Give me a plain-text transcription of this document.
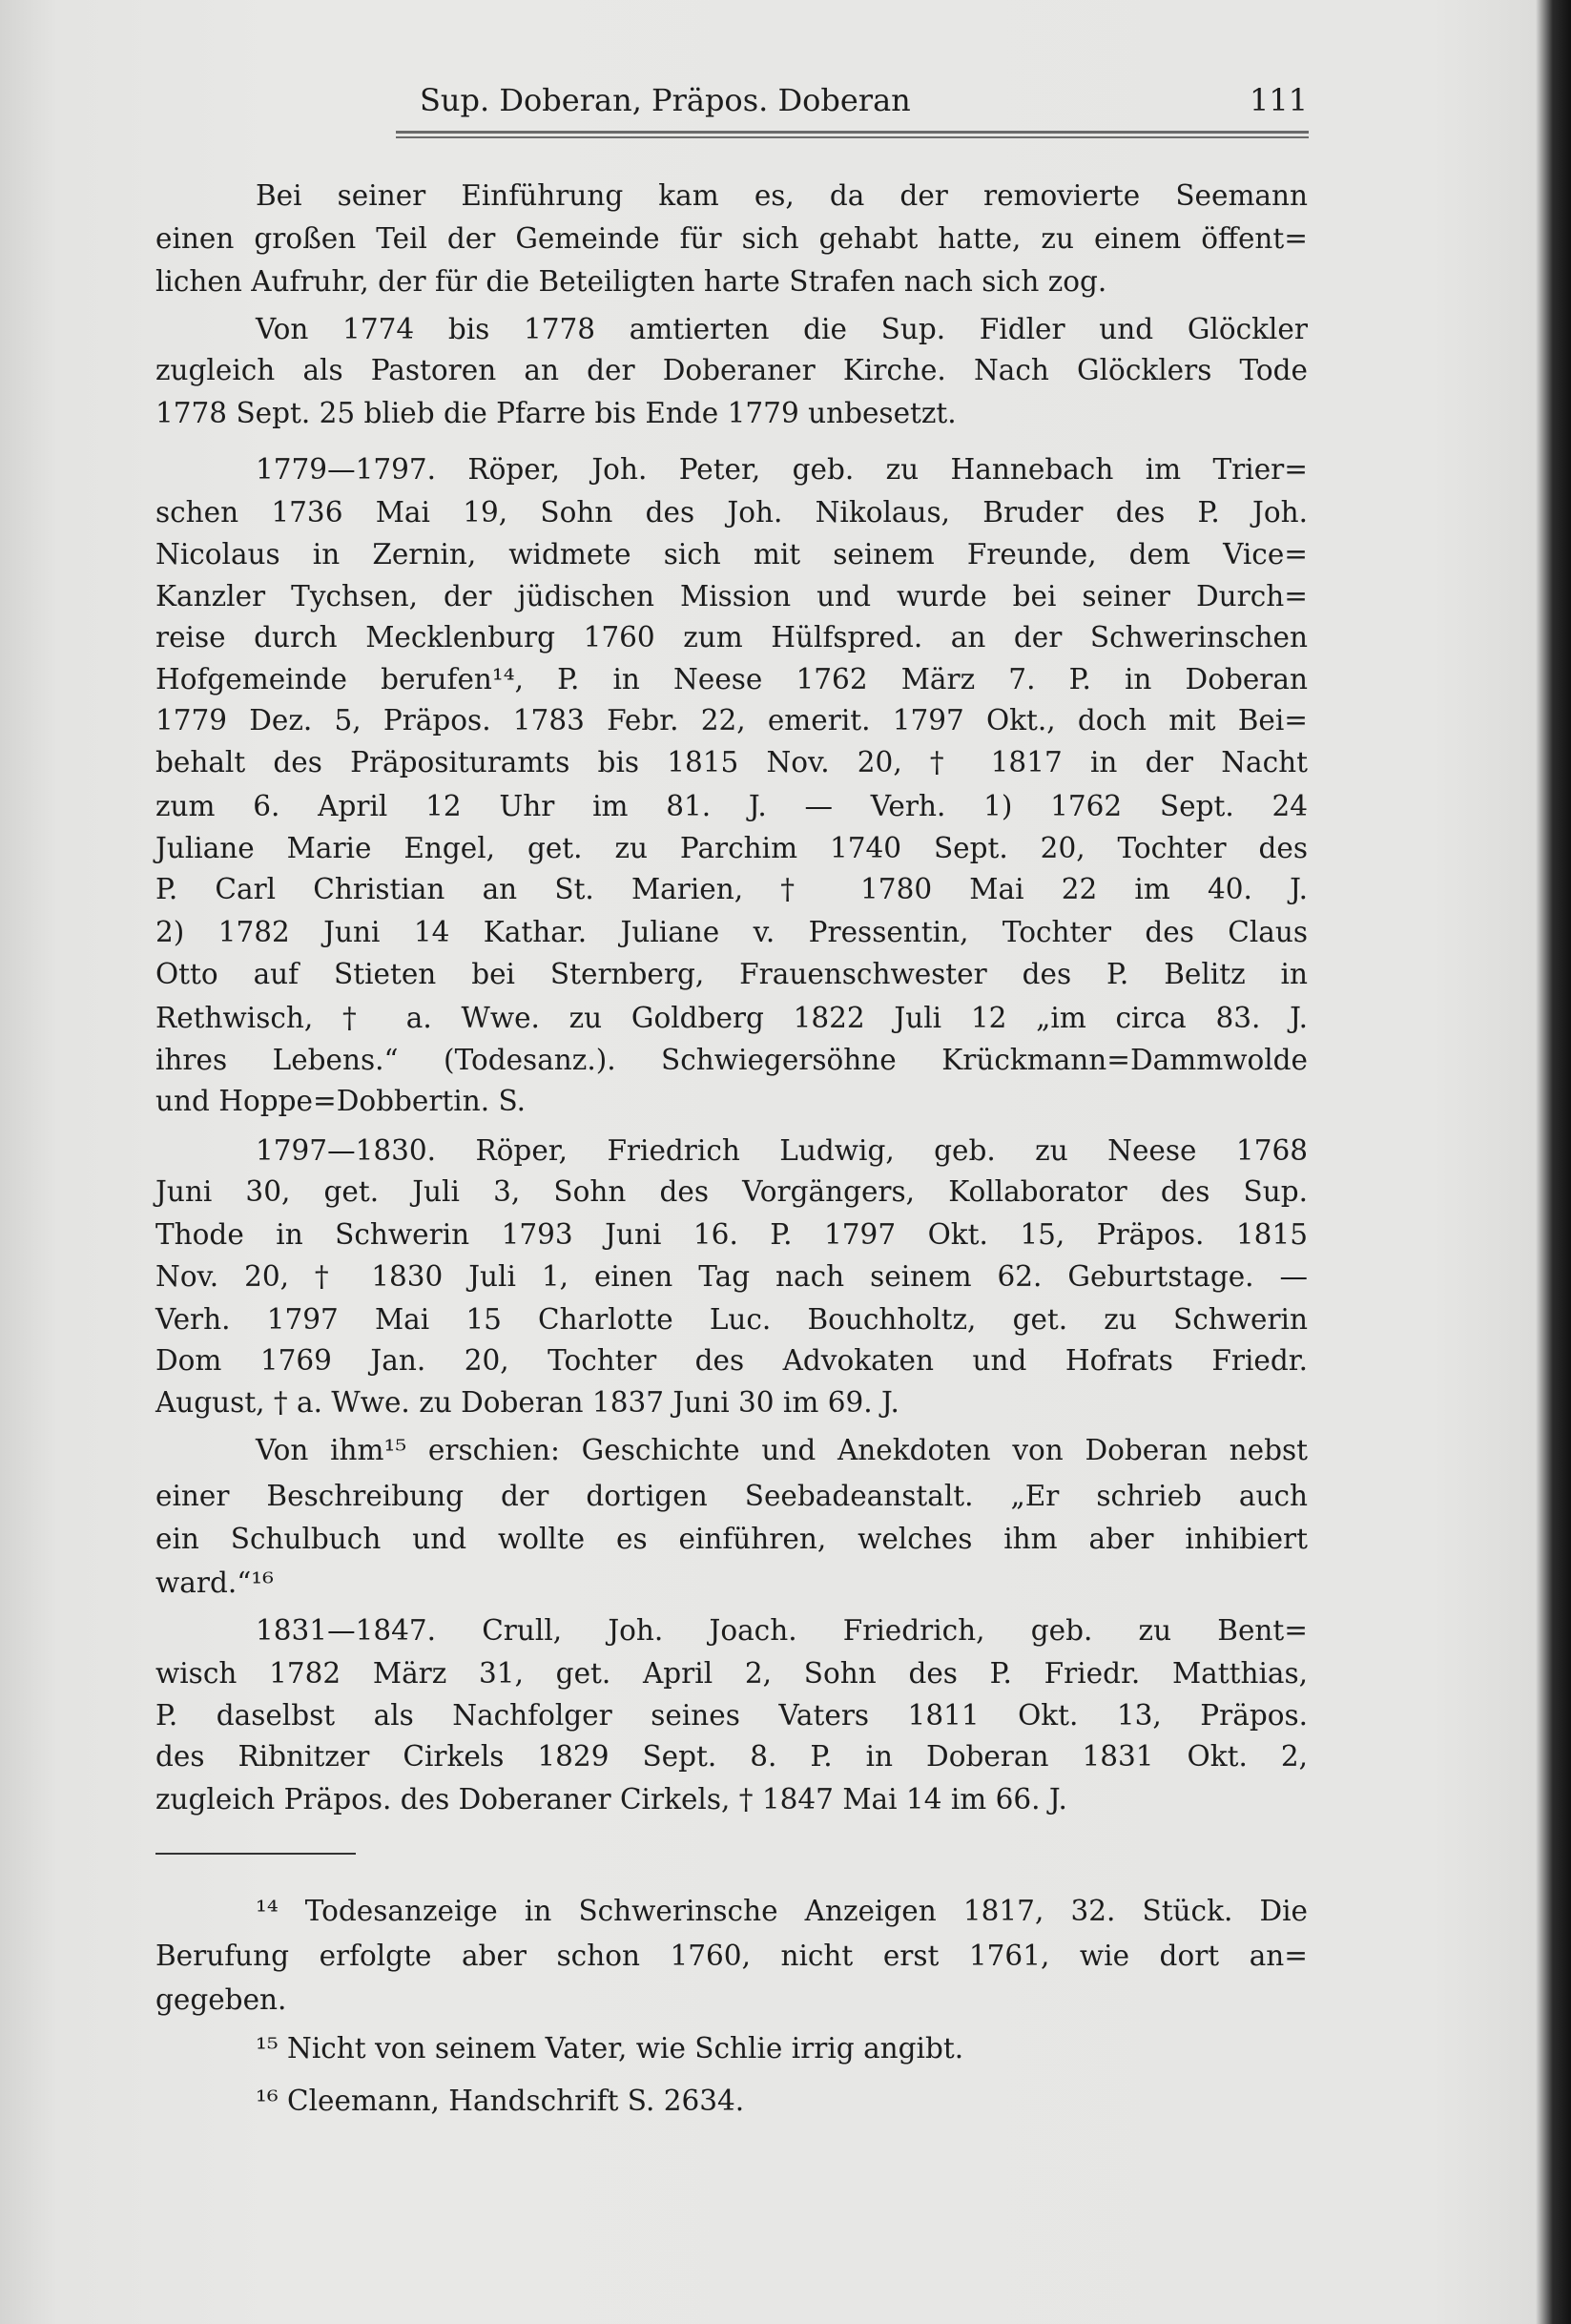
Sup. Doberan, Präpos. Doberan	111
Bei seiner Einführung kam es, da der removierte Seemann
einen großen Teil der Gemeinde für sich gehabt hatte, zu einem öffent=
lichen Aufruhr, der für die Beteiligten harte Strafen nach sich zog.
Von 1774 bis 1778 amtierten die Sup. Fidler und Glöckler
zugleich als Pastoren an der Doberaner Kirche. Nach Glöcklers Tode
1778 Sept. 25 blieb die Pfarre bis Ende 1779 unbesetzt.
1779—1797. Röper, Joh. Peter, geb. zu Hannebach im Trier=
schen 1736 Mai 19, Sohn des Joh. Nikolaus, Bruder des P. Joh.
Nicolaus in Zernin, widmete sich mit seinem Freunde, dem Vice=
Kanzler Tychsen, der jüdischen Mission und wurde bei seiner Durch=
reise durch Mecklenburg 1760 zum Hülfspred. an der Schwerinschen
Hofgemeinde berufen¹⁴, P. in Neese 1762 März 7. P. in Doberan
1779 Dez. 5, Präpos. 1783 Febr. 22, emerit. 1797 Okt., doch mit Bei=
behalt des Präposituramts bis 1815 Nov. 20, † 1817 in der Nacht
zum 6. April 12 Uhr im 81. J. — Verh. 1) 1762 Sept. 24
Juliane Marie Engel, get. zu Parchim 1740 Sept. 20, Tochter des
P. Carl Christian an St. Marien, † 1780 Mai 22 im 40. J.
2) 1782 Juni 14 Kathar. Juliane v. Pressentin, Tochter des Claus
Otto auf Stieten bei Sternberg, Frauenschwester des P. Belitz in
Rethwisch, † a. Wwe. zu Goldberg 1822 Juli 12 „im circa 83. J.
ihres Lebens.“ (Todesanz.). Schwiegersöhne Krückmann=Dammwolde
und Hoppe=Dobbertin. S.
1797—1830. Röper, Friedrich Ludwig, geb. zu Neese 1768
Juni 30, get. Juli 3, Sohn des Vorgängers, Kollaborator des Sup.
Thode in Schwerin 1793 Juni 16. P. 1797 Okt. 15, Präpos. 1815
Nov. 20, † 1830 Juli 1, einen Tag nach seinem 62. Geburtstage. —
Verh. 1797 Mai 15 Charlotte Luc. Bouchholtz, get. zu Schwerin
Dom 1769 Jan. 20, Tochter des Advokaten und Hofrats Friedr.
August, † a. Wwe. zu Doberan 1837 Juni 30 im 69. J.
Von ihm¹⁵ erschien: Geschichte und Anekdoten von Doberan nebst
einer Beschreibung der dortigen Seebadeanstalt. „Er schrieb auch
ein Schulbuch und wollte es einführen, welches ihm aber inhibiert
ward.“¹⁶
1831—1847. Crull, Joh. Joach. Friedrich, geb. zu Bent=
wisch 1782 März 31, get. April 2, Sohn des P. Friedr. Matthias,
P. daselbst als Nachfolger seines Vaters 1811 Okt. 13, Präpos.
des Ribnitzer Cirkels 1829 Sept. 8. P. in Doberan 1831 Okt. 2,
zugleich Präpos. des Doberaner Cirkels, † 1847 Mai 14 im 66. J.
¹⁴ Todesanzeige in Schwerinsche Anzeigen 1817, 32. Stück. Die
Berufung erfolgte aber schon 1760, nicht erst 1761, wie dort an=
gegeben.
¹⁵ Nicht von seinem Vater, wie Schlie irrig angibt.
¹⁶ Cleemann, Handschrift S. 2634.
